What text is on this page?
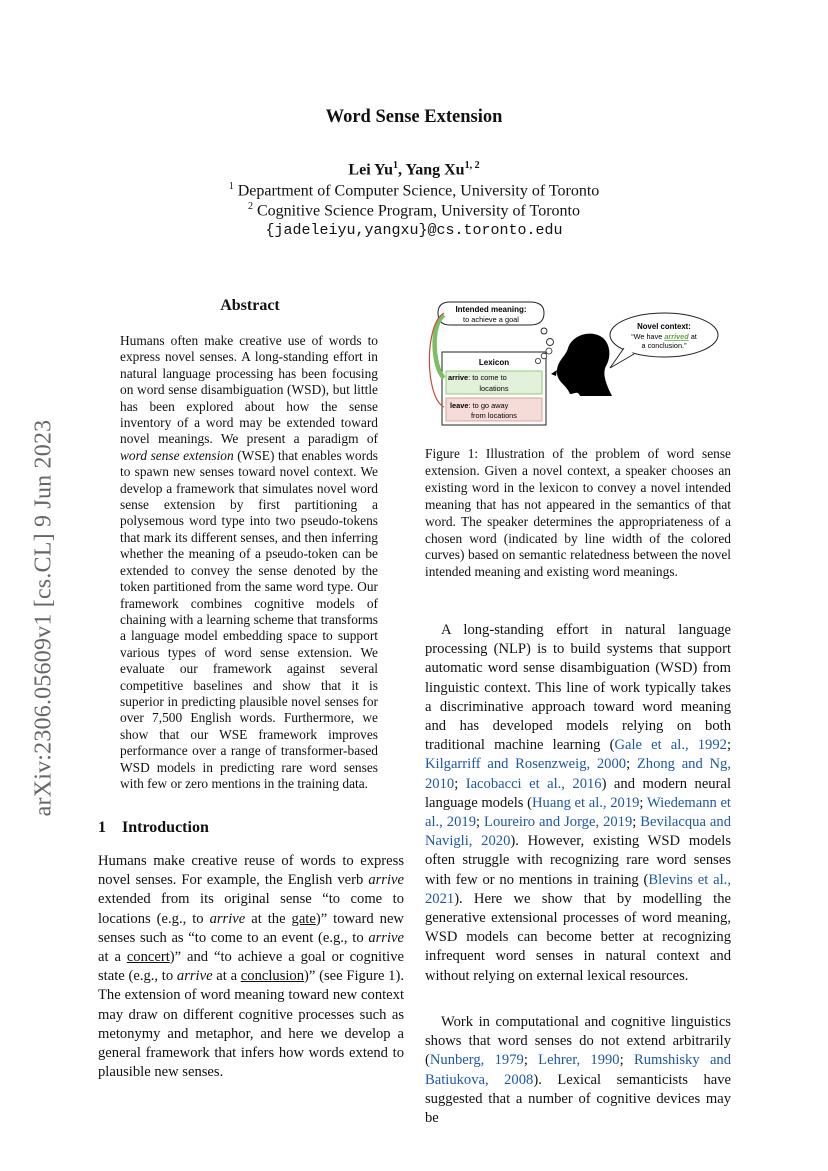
Word Sense Extension
Lei Yu$^1$, Yang Xu$^{1, 2}$
$^1$ Department of Computer Science, University of Toronto
$^2$ Cognitive Science Program, University of Toronto
{jadeleiyu,yangxu}@cs.toronto.edu
arXiv:2306.05609v1 [cs.CL] 9 Jun 2023
Abstract
Humans often make creative use of words to express novel senses. A long-standing effort in natural language processing has been focusing on word sense disambiguation (WSD), but little has been explored about how the sense inventory of a word may be extended toward novel meanings. We present a paradigm of word sense extension (WSE) that enables words to spawn new senses toward novel context. We develop a framework that simulates novel word sense extension by first partitioning a polysemous word type into two pseudo-tokens that mark its different senses, and then inferring whether the meaning of a pseudo-token can be extended to convey the sense denoted by the token partitioned from the same word type. Our framework combines cognitive models of chaining with a learning scheme that transforms a language model embedding space to support various types of word sense extension. We evaluate our framework against several competitive baselines and show that it is superior in predicting plausible novel senses for over 7,500 English words. Furthermore, we show that our WSE framework improves performance over a range of transformer-based WSD models in predicting rare word senses with few or zero mentions in the training data.
1 Introduction
Humans make creative reuse of words to express novel senses. For example, the English verb arrive extended from its original sense “to come to locations (e.g., to arrive at the gate)” toward new senses such as “to come to an event (e.g., to arrive at a concert)” and “to achieve a goal or cognitive state (e.g., to arrive at a conclusion)” (see Figure 1). The extension of word meaning toward new context may draw on different cognitive processes such as metonymy and metaphor, and here we develop a general framework that infers how words extend to plausible new senses.
Intended meaning:
to achieve a goal
Lexicon
arrive: to come to
locations
leave: to go away
from locations
Novel context:
“We have arrived at
a conclusion.”
Figure 1: Illustration of the problem of word sense extension. Given a novel context, a speaker chooses an existing word in the lexicon to convey a novel intended meaning that has not appeared in the semantics of that word. The speaker determines the appropriateness of a chosen word (indicated by line width of the colored curves) based on semantic relatedness between the novel intended meaning and existing word meanings.
A long-standing effort in natural language processing (NLP) is to build systems that support automatic word sense disambiguation (WSD) from linguistic context. This line of work typically takes a discriminative approach toward word meaning and has developed models relying on both traditional machine learning (Gale et al., 1992; Kilgarriff and Rosenzweig, 2000; Zhong and Ng, 2010; Iacobacci et al., 2016) and modern neural language models (Huang et al., 2019; Wiedemann et al., 2019; Loureiro and Jorge, 2019; Bevilacqua and Navigli, 2020). However, existing WSD models often struggle with recognizing rare word senses with few or no mentions in training (Blevins et al., 2021). Here we show that by modelling the generative extensional processes of word meaning, WSD models can become better at recognizing infrequent word senses in natural context and without relying on external lexical resources.
Work in computational and cognitive linguistics shows that word senses do not extend arbitrarily (Nunberg, 1979; Lehrer, 1990; Rumshisky and Batiukova, 2008). Lexical semanticists have suggested that a number of cognitive devices may be
